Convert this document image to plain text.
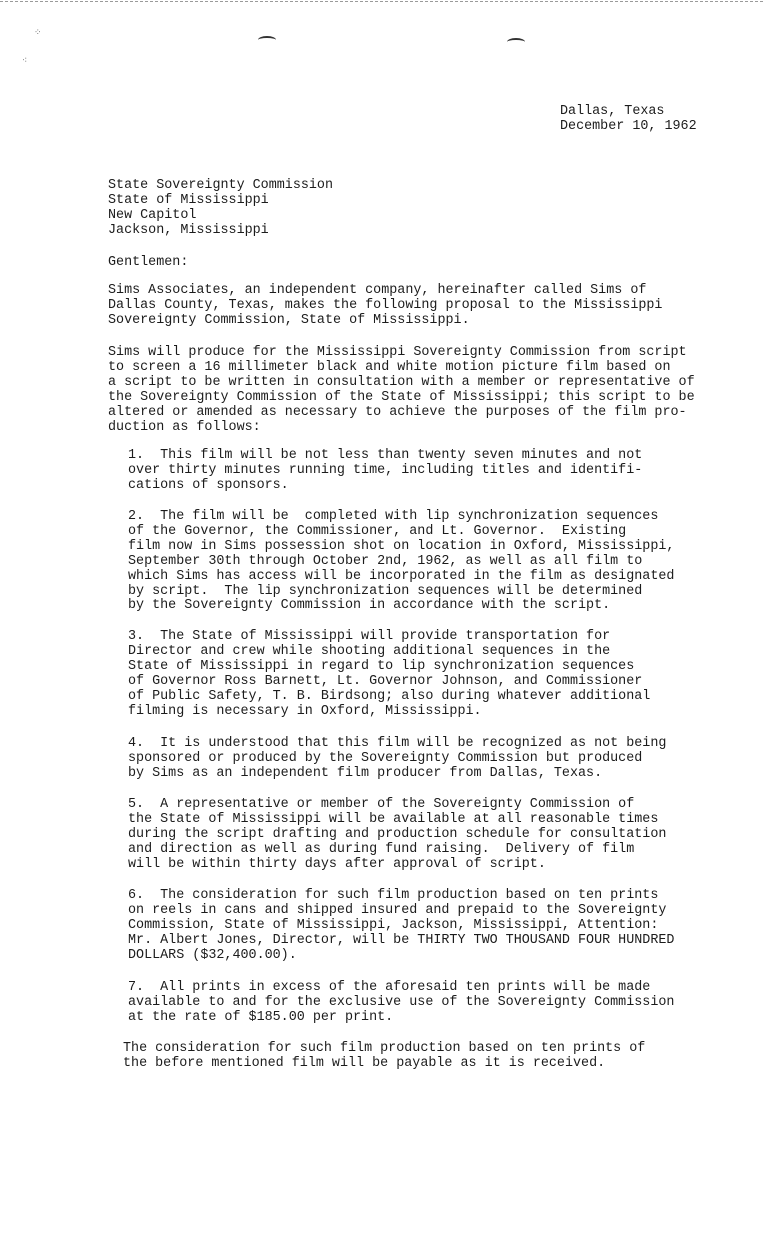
⁘
⁖
Dallas, Texas
December 10, 1962
State Sovereignty Commission
State of Mississippi
New Capitol
Jackson, Mississippi
Gentlemen:
Sims Associates, an independent company, hereinafter called Sims of
Dallas County, Texas, makes the following proposal to the Mississippi
Sovereignty Commission, State of Mississippi.
Sims will produce for the Mississippi Sovereignty Commission from script
to screen a 16 millimeter black and white motion picture film based on
a script to be written in consultation with a member or representative of
the Sovereignty Commission of the State of Mississippi; this script to be
altered or amended as necessary to achieve the purposes of the film pro-
duction as follows:
1.  This film will be not less than twenty seven minutes and not
over thirty minutes running time, including titles and identifi-
cations of sponsors.
2.  The film will be  completed with lip synchronization sequences
of the Governor, the Commissioner, and Lt. Governor.  Existing
film now in Sims possession shot on location in Oxford, Mississippi,
September 30th through October 2nd, 1962, as well as all film to
which Sims has access will be incorporated in the film as designated
by script.  The lip synchronization sequences will be determined
by the Sovereignty Commission in accordance with the script.
3.  The State of Mississippi will provide transportation for
Director and crew while shooting additional sequences in the
State of Mississippi in regard to lip synchronization sequences
of Governor Ross Barnett, Lt. Governor Johnson, and Commissioner
of Public Safety, T. B. Birdsong; also during whatever additional
filming is necessary in Oxford, Mississippi.
4.  It is understood that this film will be recognized as not being
sponsored or produced by the Sovereignty Commission but produced
by Sims as an independent film producer from Dallas, Texas.
5.  A representative or member of the Sovereignty Commission of
the State of Mississippi will be available at all reasonable times
during the script drafting and production schedule for consultation
and direction as well as during fund raising.  Delivery of film
will be within thirty days after approval of script.
6.  The consideration for such film production based on ten prints
on reels in cans and shipped insured and prepaid to the Sovereignty
Commission, State of Mississippi, Jackson, Mississippi, Attention:
Mr. Albert Jones, Director, will be THIRTY TWO THOUSAND FOUR HUNDRED
DOLLARS ($32,400.00).
7.  All prints in excess of the aforesaid ten prints will be made
available to and for the exclusive use of the Sovereignty Commission
at the rate of $185.00 per print.
The consideration for such film production based on ten prints of
the before mentioned film will be payable as it is received.
